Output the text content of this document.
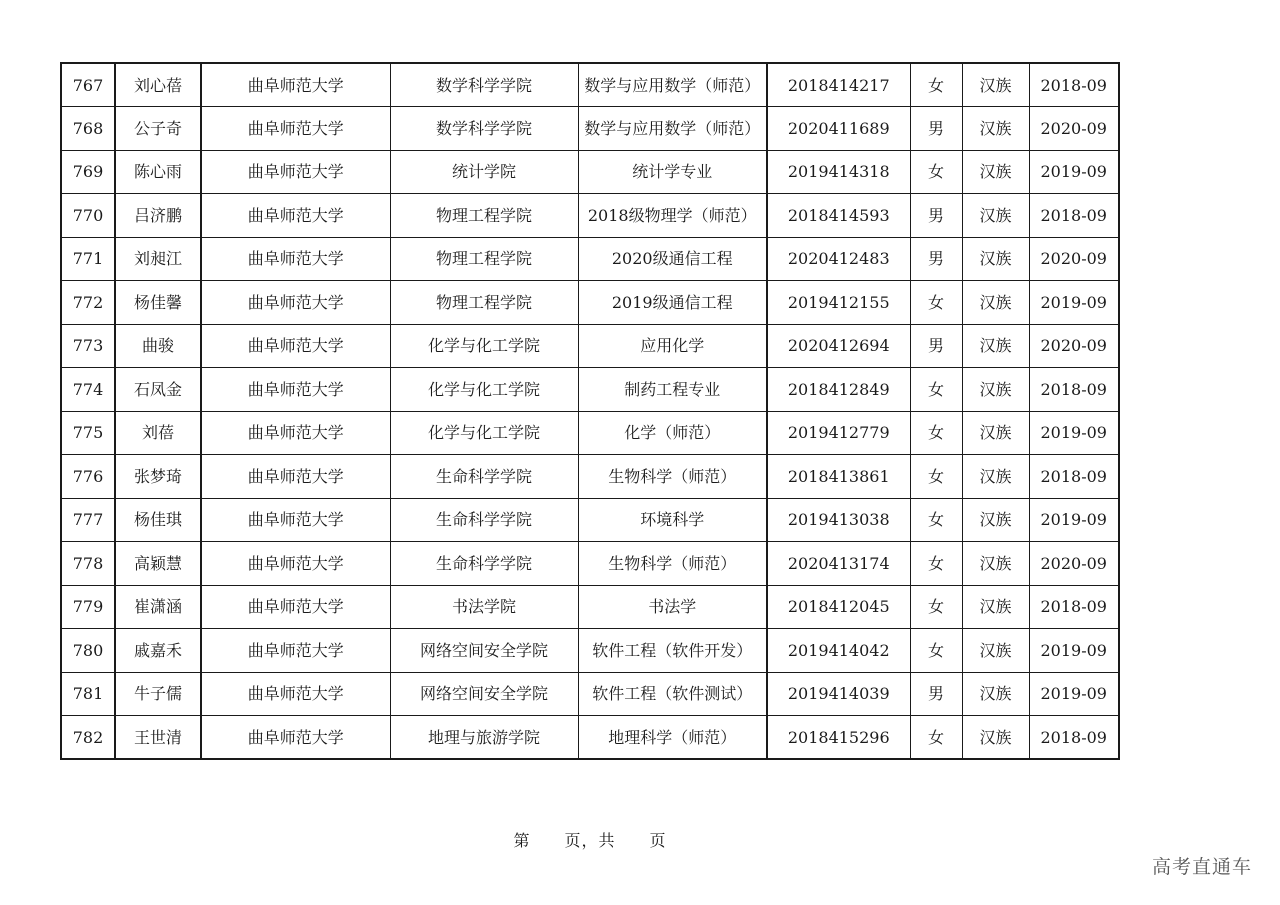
767	刘心蓓	曲阜师范大学	数学科学学院	数学与应用数学（师范）	2018414217	女	汉族	2018-09
768	公子奇	曲阜师范大学	数学科学学院	数学与应用数学（师范）	2020411689	男	汉族	2020-09
769	陈心雨	曲阜师范大学	统计学院	统计学专业	2019414318	女	汉族	2019-09
770	吕济鹏	曲阜师范大学	物理工程学院	2018级物理学（师范）	2018414593	男	汉族	2018-09
771	刘昶江	曲阜师范大学	物理工程学院	2020级通信工程	2020412483	男	汉族	2020-09
772	杨佳馨	曲阜师范大学	物理工程学院	2019级通信工程	2019412155	女	汉族	2019-09
773	曲骏	曲阜师范大学	化学与化工学院	应用化学	2020412694	男	汉族	2020-09
774	石凤金	曲阜师范大学	化学与化工学院	制药工程专业	2018412849	女	汉族	2018-09
775	刘蓓	曲阜师范大学	化学与化工学院	化学（师范）	2019412779	女	汉族	2019-09
776	张梦琦	曲阜师范大学	生命科学学院	生物科学（师范）	2018413861	女	汉族	2018-09
777	杨佳琪	曲阜师范大学	生命科学学院	环境科学	2019413038	女	汉族	2019-09
778	高颖慧	曲阜师范大学	生命科学学院	生物科学（师范）	2020413174	女	汉族	2020-09
779	崔潇涵	曲阜师范大学	书法学院	书法学	2018412045	女	汉族	2018-09
780	戚嘉禾	曲阜师范大学	网络空间安全学院	软件工程（软件开发）	2019414042	女	汉族	2019-09
781	牛子儒	曲阜师范大学	网络空间安全学院	软件工程（软件测试）	2019414039	男	汉族	2019-09
782	王世清	曲阜师范大学	地理与旅游学院	地理科学（师范）	2018415296	女	汉族	2018-09
第　　页，共　　页
高考直通车
